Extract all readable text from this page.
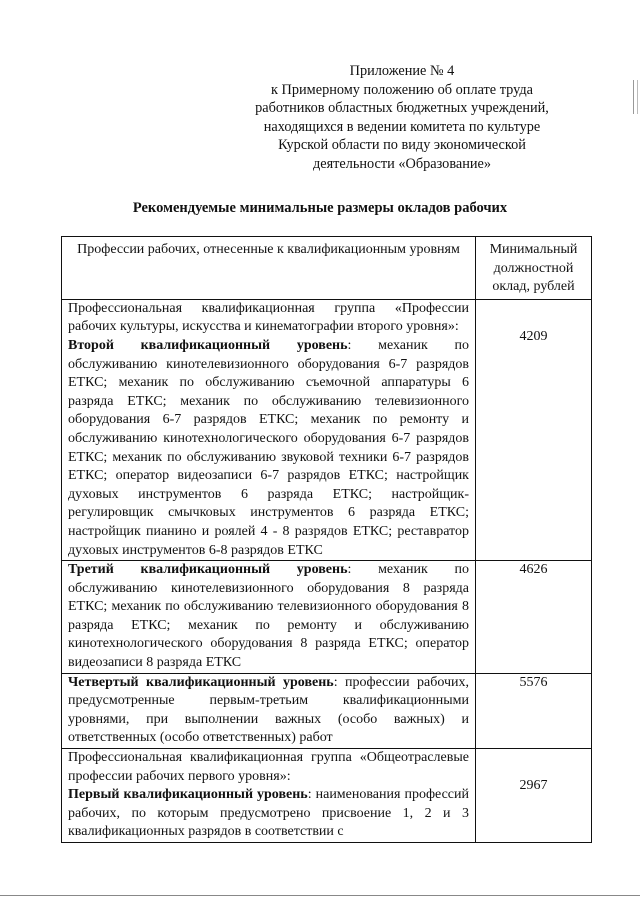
Приложение № 4
к Примерному положению об оплате труда
работников областных бюджетных учреждений,
находящихся в ведении комитета по культуре
Курской области по виду экономической
деятельности «Образование»
Рекомендуемые минимальные размеры окладов рабочих
Профессии рабочих, отнесенные к квалификационным уровням	Минимальный должностной оклад, рублей
Профессиональная квалификационная группа «Профессии рабочих культуры, искусства и кинематографии второго уровня»:
Второй квалификационный уровень: механик по обслуживанию кинотелевизионного оборудования 6-7 разрядов ЕТКС; механик по обслуживанию съемочной аппаратуры 6 разряда ЕТКС; механик по обслуживанию телевизионного оборудования 6-7 разрядов ЕТКС; механик по ремонту и обслуживанию кинотехнологического оборудования 6-7 разрядов ЕТКС; механик по обслуживанию звуковой техники 6-7 разрядов ЕТКС; оператор видеозаписи 6-7 разрядов ЕТКС; настройщик духовых инструментов 6 разряда ЕТКС; настройщик-регулировщик смычковых инструментов 6 разряда ЕТКС; настройщик пианино и роялей 4 - 8 разрядов ЕТКС; реставратор духовых инструментов 6-8 разрядов ЕТКС	4209
Третий квалификационный уровень: механик по обслуживанию кинотелевизионного оборудования 8 разряда ЕТКС; механик по обслуживанию телевизионного оборудования 8 разряда ЕТКС; механик по ремонту и обслуживанию кинотехнологического оборудования 8 разряда ЕТКС; оператор видеозаписи 8 разряда ЕТКС	4626
Четвертый квалификационный уровень: профессии рабочих, предусмотренные первым-третьим квалификационными уровнями, при выполнении важных (особо важных) и ответственных (особо ответственных) работ	5576
Профессиональная квалификационная группа «Общеотраслевые профессии рабочих первого уровня»:
Первый квалификационный уровень: наименования профессий рабочих, по которым предусмотрено присвоение 1, 2 и 3 квалификационных разрядов в соответствии с	2967
